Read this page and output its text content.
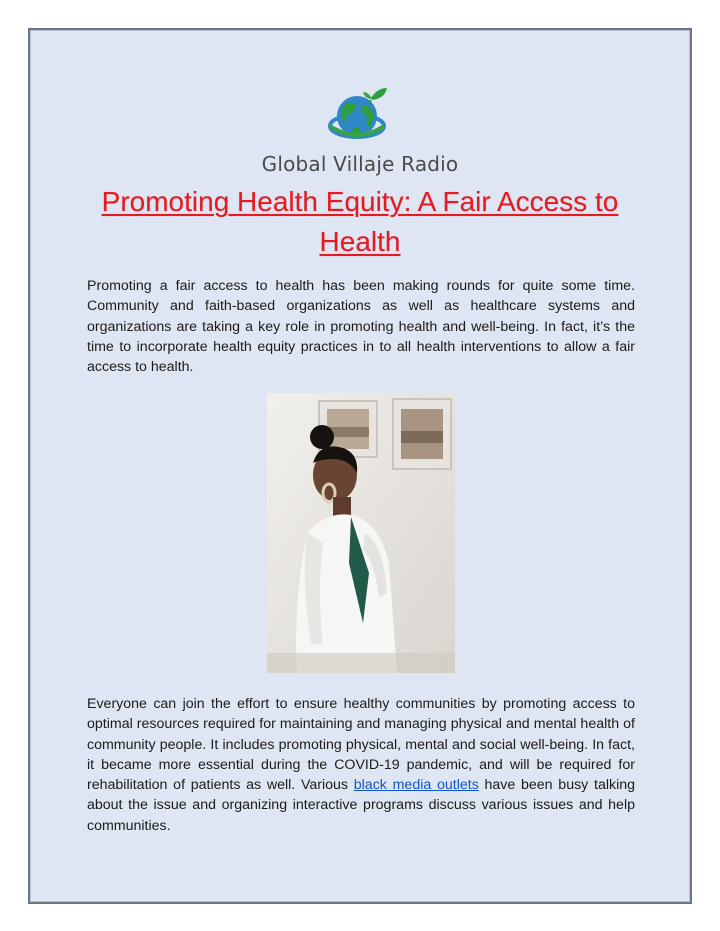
Global Villaje Radio
Promoting Health Equity: A Fair Access to Health
Promoting a fair access to health has been making rounds for quite some time. Community and faith-based organizations as well as healthcare systems and organizations are taking a key role in promoting health and well-being. In fact, it’s the time to incorporate health equity practices in to all health interventions to allow a fair access to health.
Everyone can join the effort to ensure healthy communities by promoting access to optimal resources required for maintaining and managing physical and mental health of community people. It includes promoting physical, mental and social well-being. In fact, it became more essential during the COVID-19 pandemic, and will be required for rehabilitation of patients as well. Various black media outlets have been busy talking about the issue and organizing interactive programs discuss various issues and help communities.
